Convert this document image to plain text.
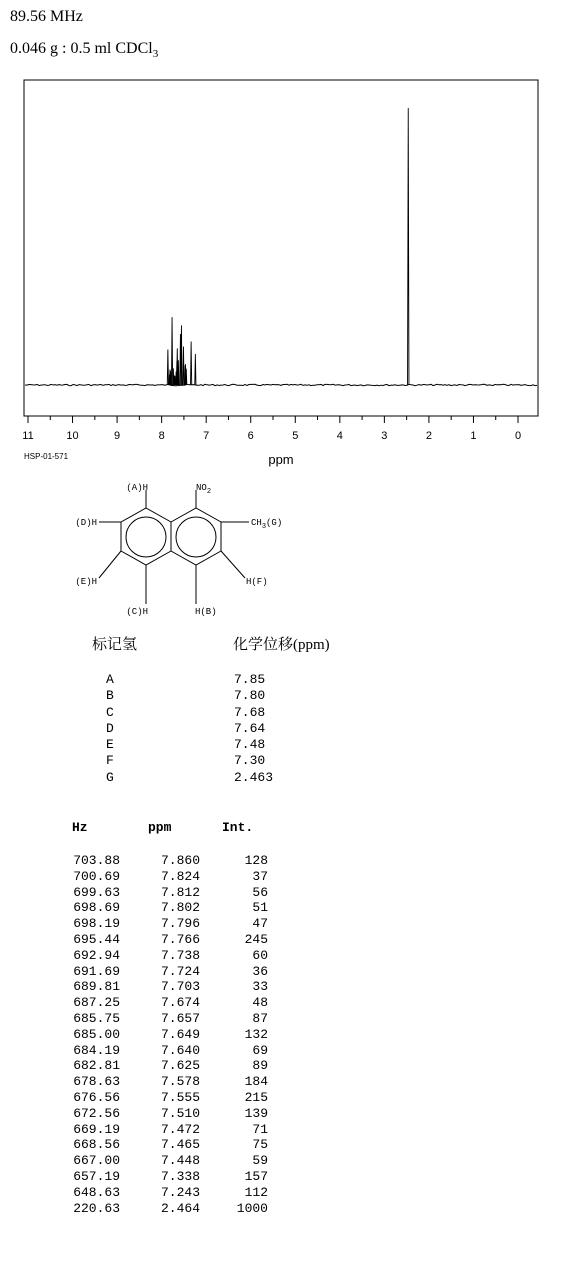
89.56 MHz
0.046 g : 0.5 ml CDCl$_3$
11	10	9	8	7	6	5	4	3	2	1	0
ppm
HSP-01-571
(A)H	$NO_2$
(D)H	$CH_3(G)$
(E)H	H(F)
(C)H	H(B)
标记氢	化学位移(ppm)
A	7.85
B	7.80
C	7.68
D	7.64
E	7.48
F	7.30
G	2.463
Hz	ppm	Int.
703.88	7.860	128
700.69	7.824	37
699.63	7.812	56
698.69	7.802	51
698.19	7.796	47
695.44	7.766	245
692.94	7.738	60
691.69	7.724	36
689.81	7.703	33
687.25	7.674	48
685.75	7.657	87
685.00	7.649	132
684.19	7.640	69
682.81	7.625	89
678.63	7.578	184
676.56	7.555	215
672.56	7.510	139
669.19	7.472	71
668.56	7.465	75
667.00	7.448	59
657.19	7.338	157
648.63	7.243	112
220.63	2.464	1000
